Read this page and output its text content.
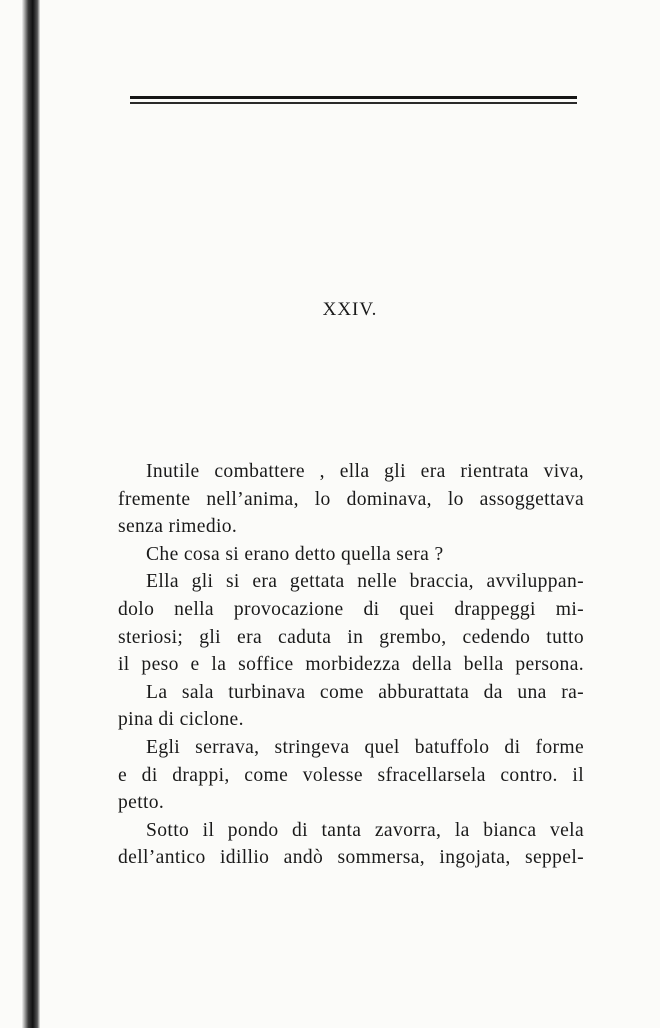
XXIV.
Inutile combattere , ella gli era rientrata viva,
fremente nell’anima, lo dominava, lo assoggettava
senza rimedio.
Che cosa si erano detto quella sera ?
Ella gli si era gettata nelle braccia, avviluppan-
dolo nella provocazione di quei drappeggi mi-
steriosi; gli era caduta in grembo, cedendo tutto
il peso e la soffice morbidezza della bella persona.
La sala turbinava come abburattata da una ra-
pina di ciclone.
Egli serrava, stringeva quel batuffolo di forme
e di drappi, come volesse sfracellarsela contro. il
petto.
Sotto il pondo di tanta zavorra, la bianca vela
dell’antico idillio andò sommersa, ingojata, seppel-
